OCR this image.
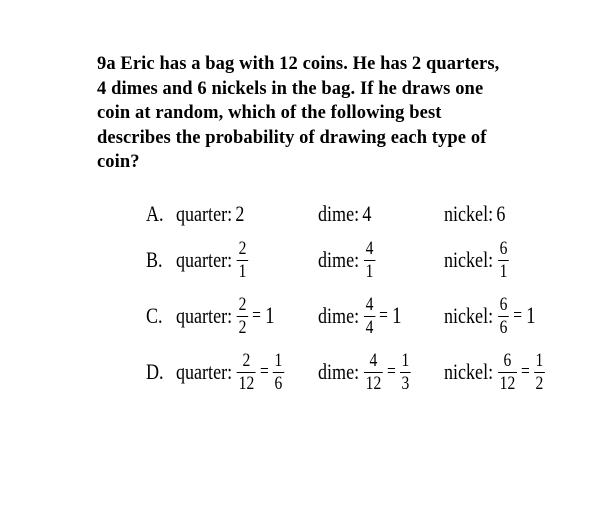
9a Eric has a bag with 12 coins. He has 2 quarters,
4 dimes and 6 nickels in the bag. If he draws one
coin at random, which of the following best
describes the probability of drawing each type of
coin?
A. quarter: 2	dime: 4	nickel: 6
B. quarter: $\frac{2}{1}$	dime: $\frac{4}{1}$	nickel: $\frac{6}{1}$
C. quarter: $\frac{2}{2} = 1$ dime: $\frac{4}{4} = 1$ nickel: $\frac{6}{6} = 1$
D. quarter: $\frac{2}{12} = \frac{1}{6}$ dime: $\frac{4}{12} = \frac{1}{3}$ nickel: $\frac{6}{12} = \frac{1}{2}$
